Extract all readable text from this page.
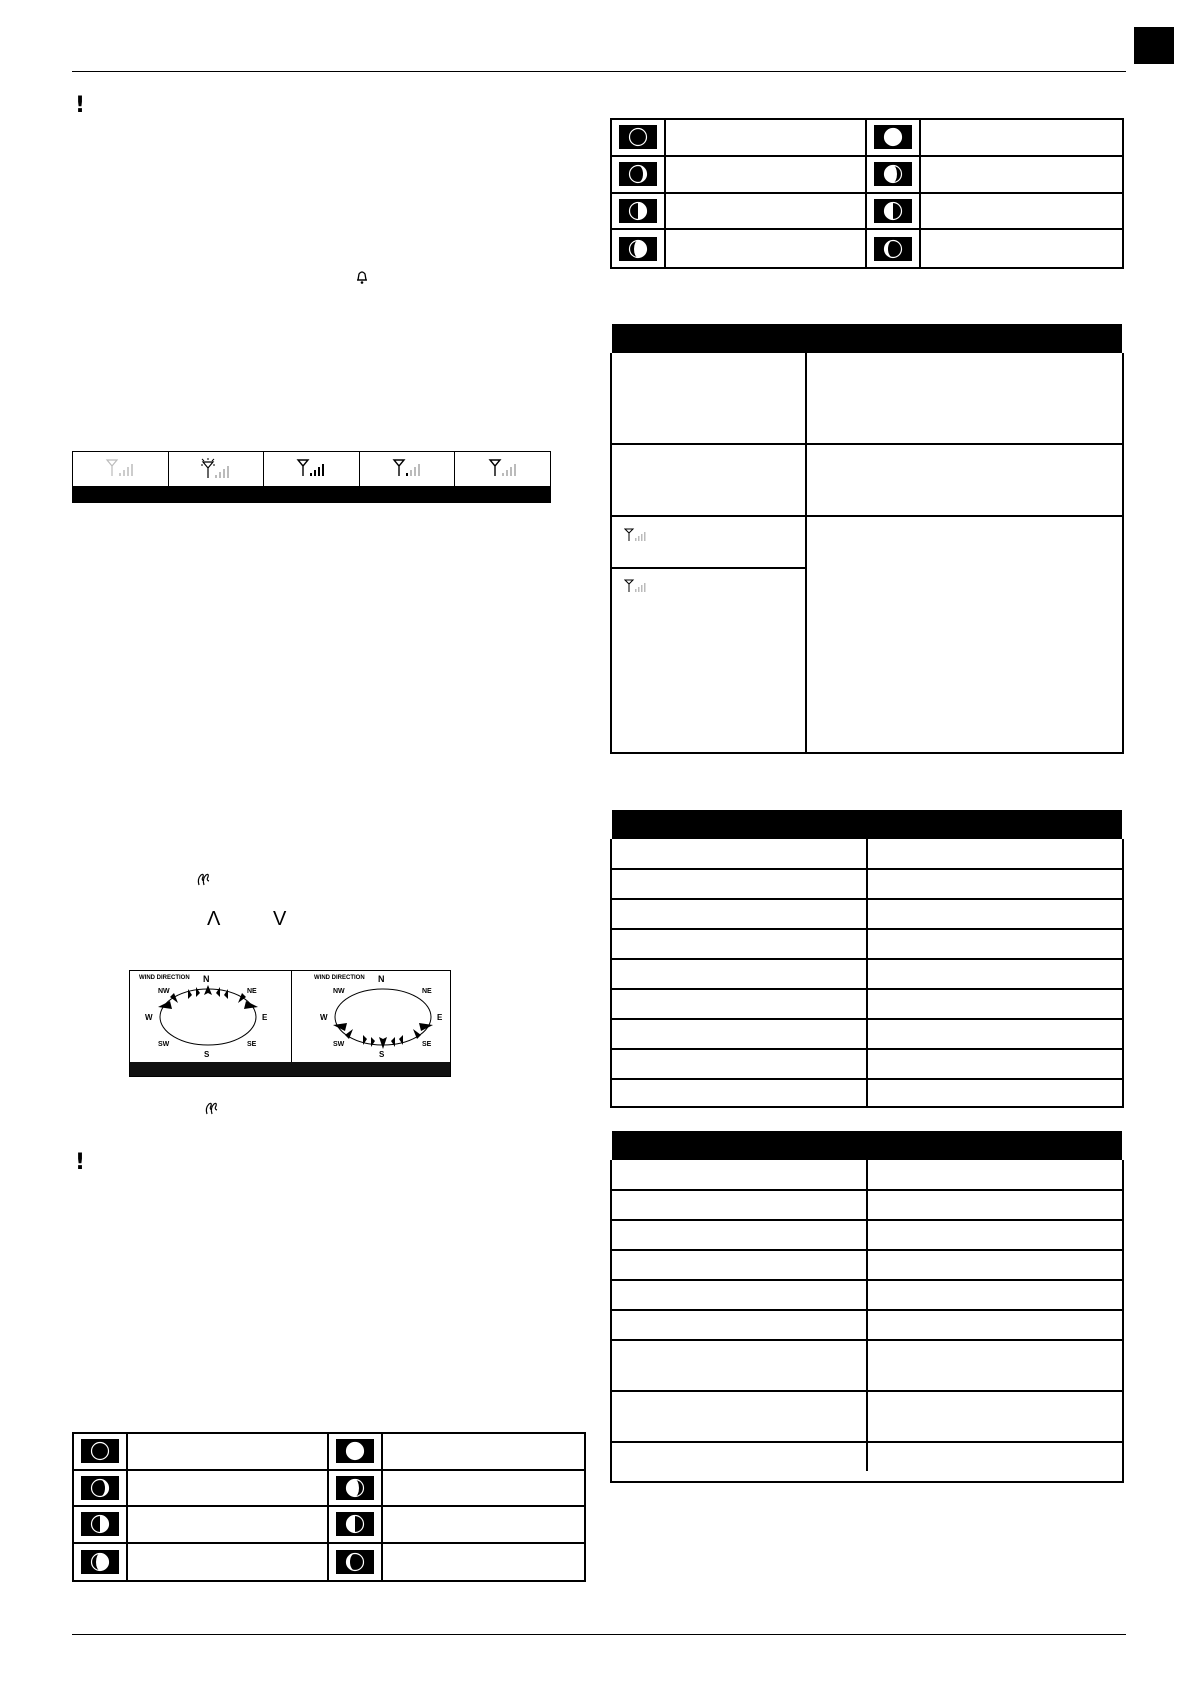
!
Λ	V
WIND DIRECTION N
NW	NE
W	E
SW	SE
S
WIND DIRECTION N
NW	NE
W	E
SW	SE
S
!
